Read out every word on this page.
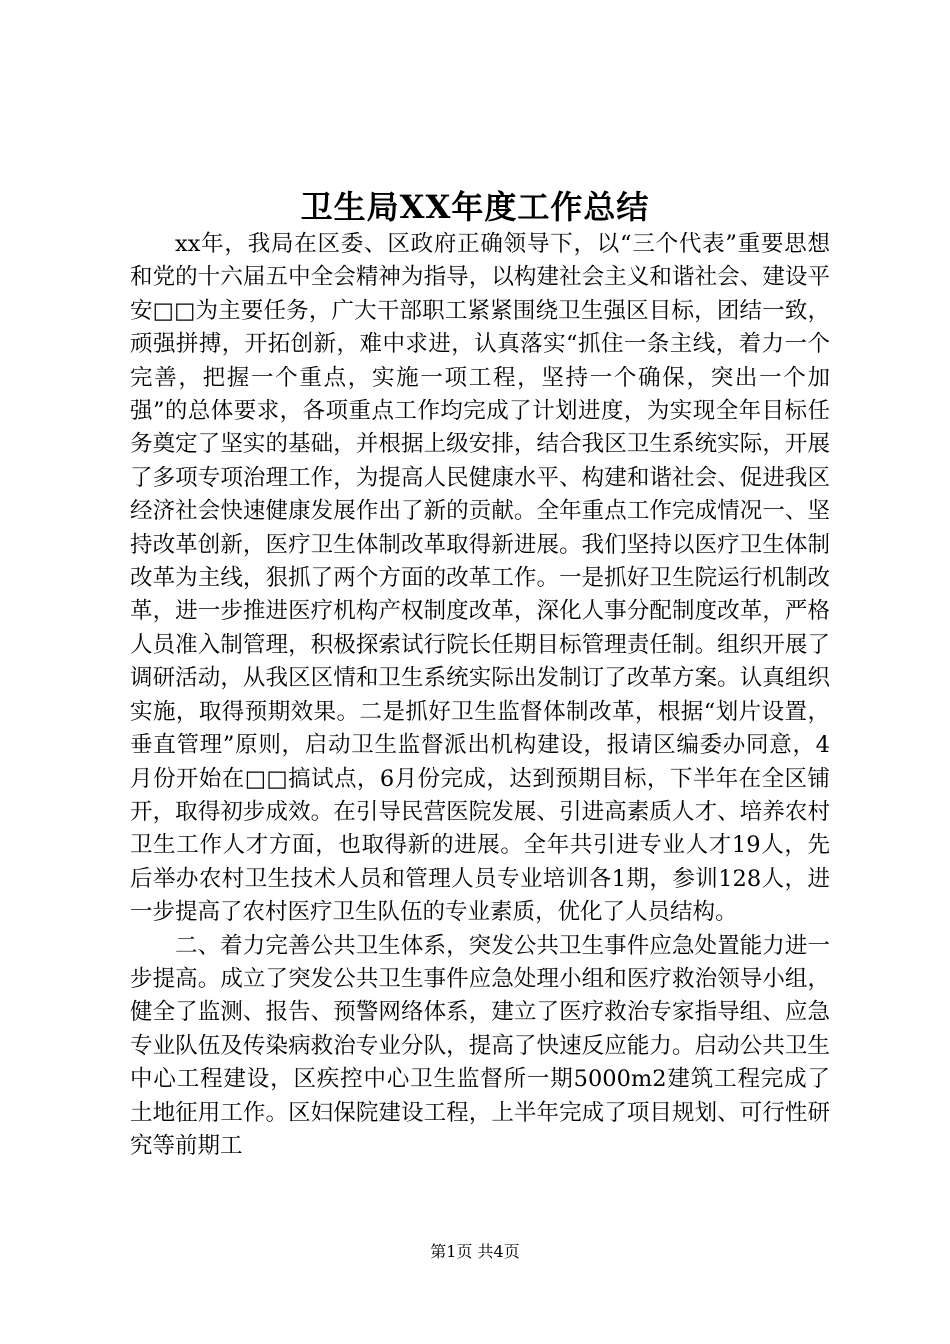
卫生局XX年度工作总结

xx年，我局在区委、区政府正确领导下，以“三个代表”重要思想和党的十六届五中全会精神为指导，以构建社会主义和谐社会、建设平安□□为主要任务，广大干部职工紧紧围绕卫生强区目标，团结一致，顽强拼搏，开拓创新，难中求进，认真落实“抓住一条主线，着力一个完善，把握一个重点，实施一项工程，坚持一个确保，突出一个加强”的总体要求，各项重点工作均完成了计划进度，为实现全年目标任务奠定了坚实的基础，并根据上级安排，结合我区卫生系统实际，开展了多项专项治理工作，为提高人民健康水平、构建和谐社会、促进我区经济社会快速健康发展作出了新的贡献。全年重点工作完成情况一、坚持改革创新，医疗卫生体制改革取得新进展。我们坚持以医疗卫生体制改革为主线，狠抓了两个方面的改革工作。一是抓好卫生院运行机制改革，进一步推进医疗机构产权制度改革，深化人事分配制度改革，严格人员准入制管理，积极探索试行院长任期目标管理责任制。组织开展了调研活动，从我区区情和卫生系统实际出发制订了改革方案。认真组织实施，取得预期效果。二是抓好卫生监督体制改革，根据“划片设置，垂直管理”原则，启动卫生监督派出机构建设，报请区编委办同意，4月份开始在□□搞试点，6月份完成，达到预期目标，下半年在全区铺开，取得初步成效。在引导民营医院发展、引进高素质人才、培养农村卫生工作人才方面，也取得新的进展。全年共引进专业人才19人，先后举办农村卫生技术人员和管理人员专业培训各1期，参训128人，进一步提高了农村医疗卫生队伍的专业素质，优化了人员结构。

二、着力完善公共卫生体系，突发公共卫生事件应急处置能力进一步提高。成立了突发公共卫生事件应急处理小组和医疗救治领导小组，健全了监测、报告、预警网络体系，建立了医疗救治专家指导组、应急专业队伍及传染病救治专业分队，提高了快速反应能力。启动公共卫生中心工程建设，区疾控中心卫生监督所一期5000m2建筑工程完成了土地征用工作。区妇保院建设工程，上半年完成了项目规划、可行性研究等前期工

第1页 共4页
